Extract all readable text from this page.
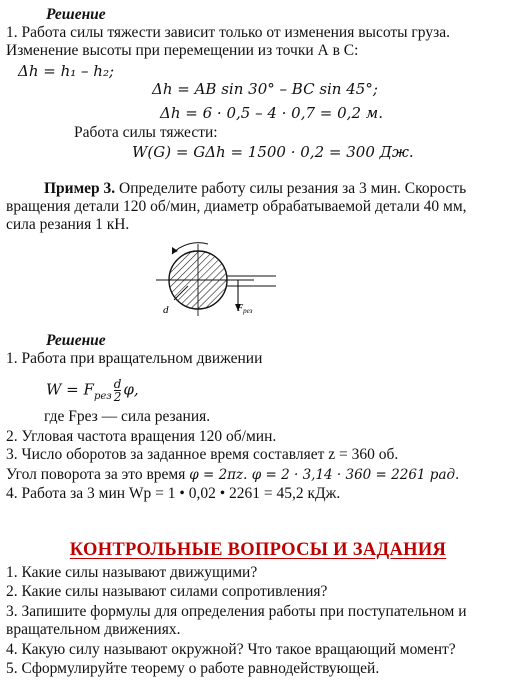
Решение
1. Работа силы тяжести зависит только от изменения высоты груза.
Изменение высоты при перемещении из точки А в С:
Δh = h₁ – h₂;
Δh = AB sin 30° – BC sin 45°;
Δh = 6 · 0,5 – 4 · 0,7 = 0,2 м.
Работа силы тяжести:
W(G) = GΔh = 1500 · 0,2 = 300 Дж.
Пример 3. Определите работу силы резания за 3 мин. Скорость
вращения детали 120 об/мин, диаметр обрабатываемой детали 40 мм,
сила резания 1 кН.
d	$F_{рез}$
Решение
1. Работа при вращательном движении
$W = F_{рез} \frac{d}{2} \varphi$,
где Fрез — сила резания.
2. Угловая частота вращения 120 об/мин.
3. Число оборотов за заданное время составляет z = 360 об.
Угол поворота за это время φ = 2πz. φ = 2 · 3,14 · 360 = 2261 рад.
4. Работа за 3 мин Wр = 1 • 0,02 • 2261 = 45,2 кДж.
КОНТРОЛЬНЫЕ ВОПРОСЫ И ЗАДАНИЯ
1. Какие силы называют движущими?
2. Какие силы называют силами сопротивления?
3. Запишите формулы для определения работы при поступательном и
вращательном движениях.
4. Какую силу называют окружной? Что такое вращающий момент?
5. Сформулируйте теорему о работе равнодействующей.
